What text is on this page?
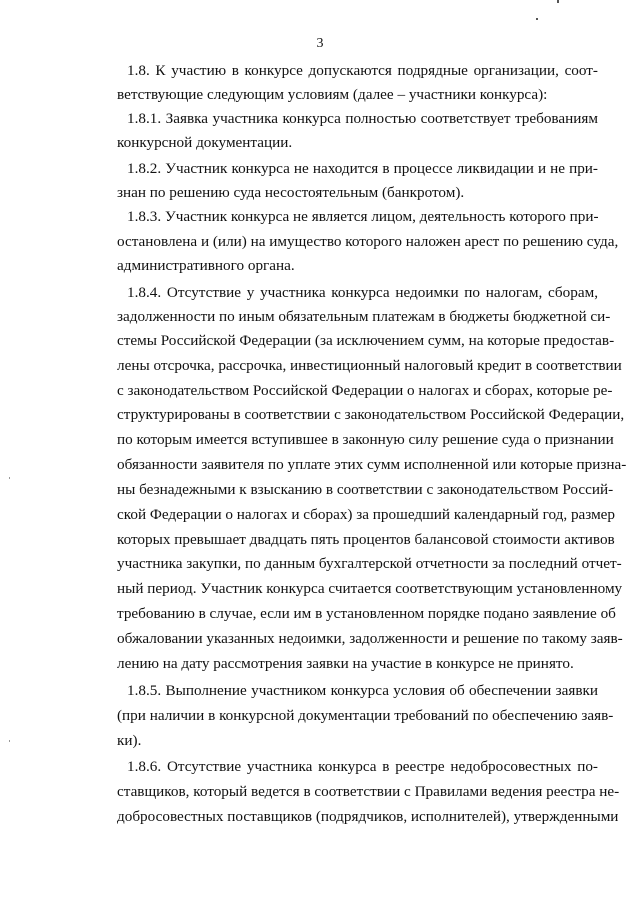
3
1.8. К участию в конкурсе допускаются подрядные организации, соот-
ветствующие следующим условиям (далее – участники конкурса):
1.8.1. Заявка участника конкурса полностью соответствует требованиям
конкурсной документации.
1.8.2. Участник конкурса не находится в процессе ликвидации и не при-
знан по решению суда несостоятельным (банкротом).
1.8.3. Участник конкурса не является лицом, деятельность которого при-
остановлена и (или) на имущество которого наложен арест по решению суда,
административного органа.
1.8.4. Отсутствие у участника конкурса недоимки по налогам, сборам,
задолженности по иным обязательным платежам в бюджеты бюджетной си-
стемы Российской Федерации (за исключением сумм, на которые предостав-
лены отсрочка, рассрочка, инвестиционный налоговый кредит в соответствии
с законодательством Российской Федерации о налогах и сборах, которые ре-
структурированы в соответствии с законодательством Российской Федерации,
по которым имеется вступившее в законную силу решение суда о признании
обязанности заявителя по уплате этих сумм исполненной или которые призна-
ны безнадежными к взысканию в соответствии с законодательством Россий-
ской Федерации о налогах и сборах) за прошедший календарный год, размер
которых превышает двадцать пять процентов балансовой стоимости активов
участника закупки, по данным бухгалтерской отчетности за последний отчет-
ный период. Участник конкурса считается соответствующим установленному
требованию в случае, если им в установленном порядке подано заявление об
обжаловании указанных недоимки, задолженности и решение по такому заяв-
лению на дату рассмотрения заявки на участие в конкурсе не принято.
1.8.5. Выполнение участником конкурса условия об обеспечении заявки
(при наличии в конкурсной документации требований по обеспечению заяв-
ки).
1.8.6. Отсутствие участника конкурса в реестре недобросовестных по-
ставщиков, который ведется в соответствии с Правилами ведения реестра не-
добросовестных поставщиков (подрядчиков, исполнителей), утвержденными
